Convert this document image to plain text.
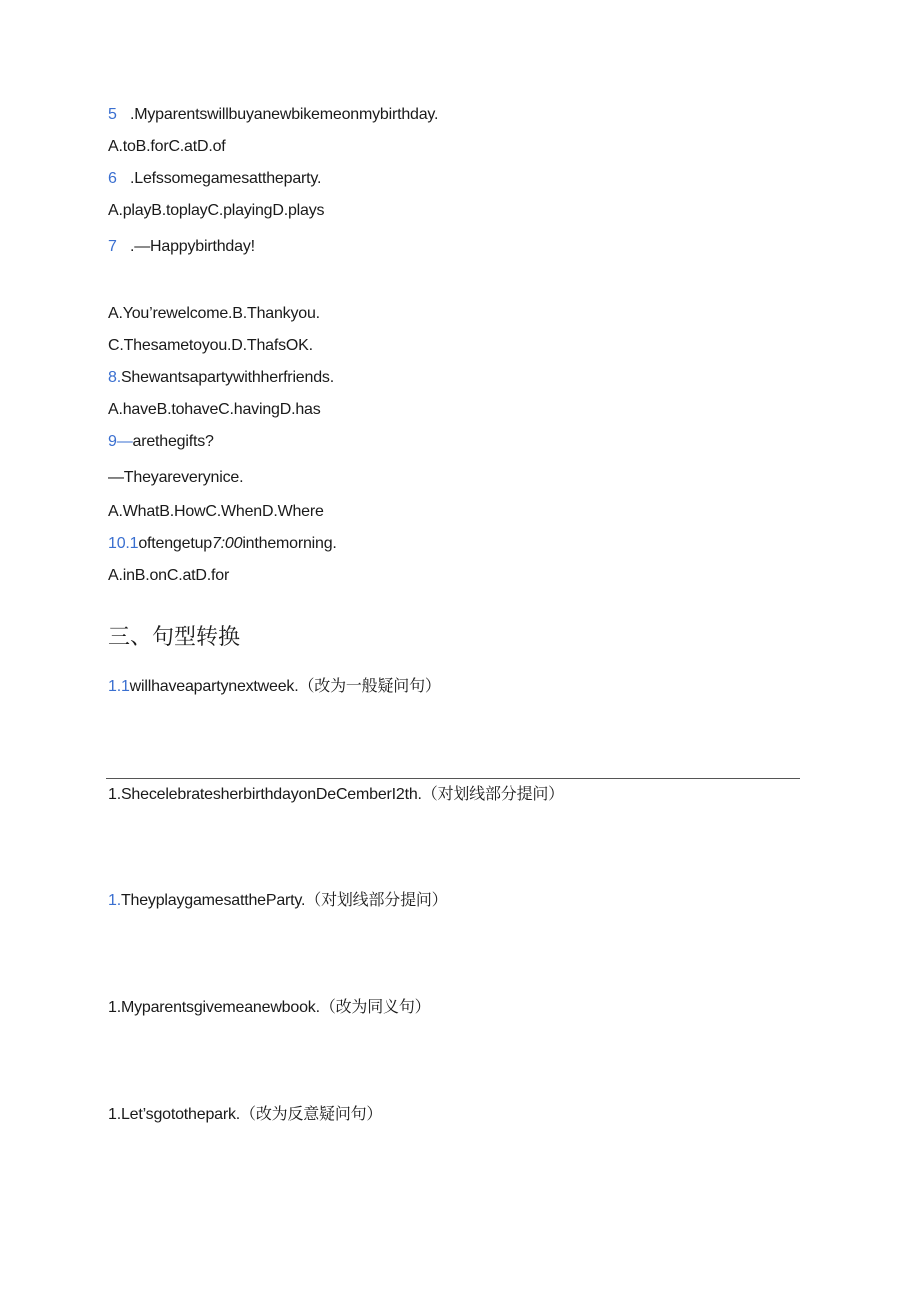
5 .Myparentswillbuyanewbikemeonmybirthday.
A.toB.forC.atD.of
6 .Lefssomegamesattheparty.
A.playB.toplayC.playingD.plays
7 .—Happybirthday!
A.You’rewelcome.B.Thankyou.
C.Thesametoyou.D.ThafsOK.
8.Shewantsapartywithherfriends.
A.haveB.tohaveC.havingD.has
9—arethegifts?
—Theyareverynice.
A.WhatB.HowC.WhenD.Where
10.1oftengetup7:00inthemorning.
A.inB.onC.atD.for
三、句型转换
1.1willhaveapartynextweek.（改为一般疑问句）
1.ShecelebratesherbirthdayonDeCemberI2th.（对划线部分提问）
1.TheyplaygamesattheParty.（对划线部分提问）
1.Myparentsgivemeanewbook.（改为同义句）
1.Let’sgotothepark.（改为反意疑问句）
